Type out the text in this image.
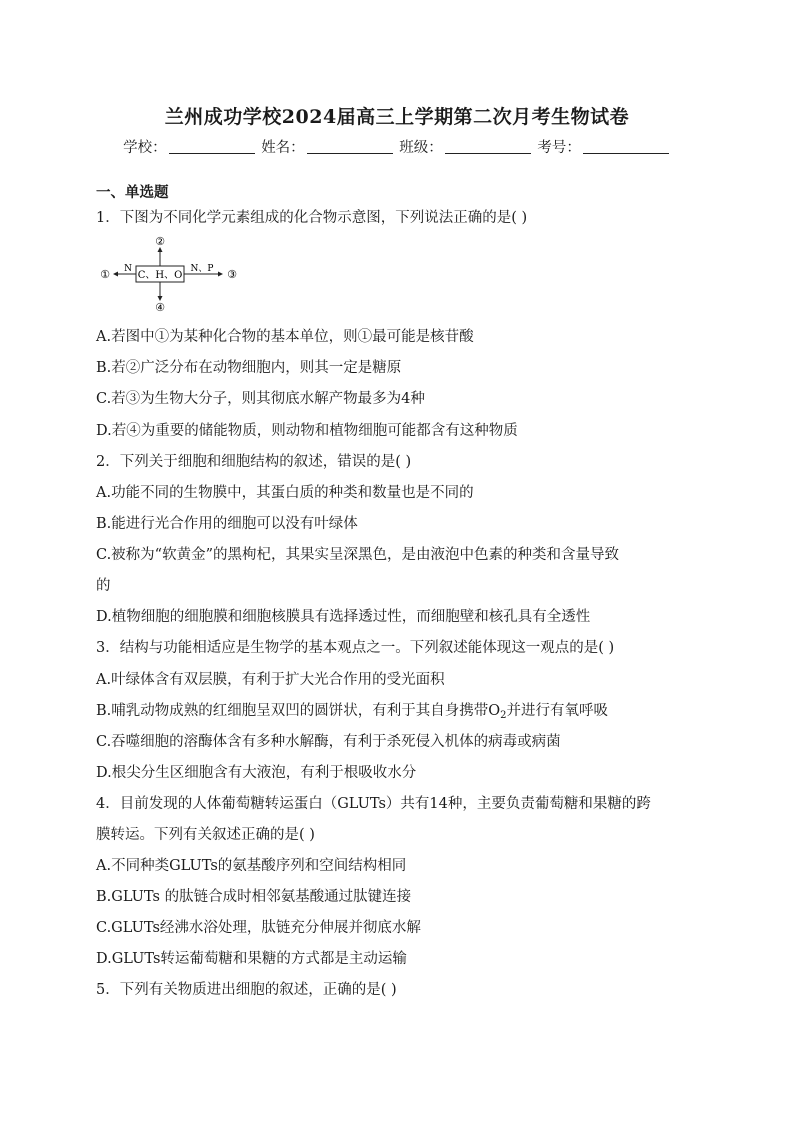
兰州成功学校2024届高三上学期第二次月考生物试卷
学校：	姓名：	班级：	考号：
一、单选题
1．下图为不同化学元素组成的化合物示意图，下列说法正确的是( )
C、H、O
②
④
N
①	N、P ③
A.若图中①为某种化合物的基本单位，则①最可能是核苷酸
B.若②广泛分布在动物细胞内，则其一定是糖原
C.若③为生物大分子，则其彻底水解产物最多为4种
D.若④为重要的储能物质，则动物和植物细胞可能都含有这种物质
2．下列关于细胞和细胞结构的叙述，错误的是( )
A.功能不同的生物膜中，其蛋白质的种类和数量也是不同的
B.能进行光合作用的细胞可以没有叶绿体
C.被称为“软黄金”的黑枸杞，其果实呈深黑色，是由液泡中色素的种类和含量导致
的
D.植物细胞的细胞膜和细胞核膜具有选择透过性，而细胞壁和核孔具有全透性
3．结构与功能相适应是生物学的基本观点之一。下列叙述能体现这一观点的是( )
A.叶绿体含有双层膜，有利于扩大光合作用的受光面积
B.哺乳动物成熟的红细胞呈双凹的圆饼状，有利于其自身携带$O_2$并进行有氧呼吸
C.吞噬细胞的溶酶体含有多种水解酶，有利于杀死侵入机体的病毒或病菌
D.根尖分生区细胞含有大液泡，有利于根吸收水分
4．目前发现的人体葡萄糖转运蛋白（GLUTs）共有14种，主要负责葡萄糖和果糖的跨
膜转运。下列有关叙述正确的是( )
A.不同种类GLUTs的氨基酸序列和空间结构相同
B.GLUTs 的肽链合成时相邻氨基酸通过肽键连接
C.GLUTs经沸水浴处理，肽链充分伸展并彻底水解
D.GLUTs转运葡萄糖和果糖的方式都是主动运输
5．下列有关物质进出细胞的叙述，正确的是( )
